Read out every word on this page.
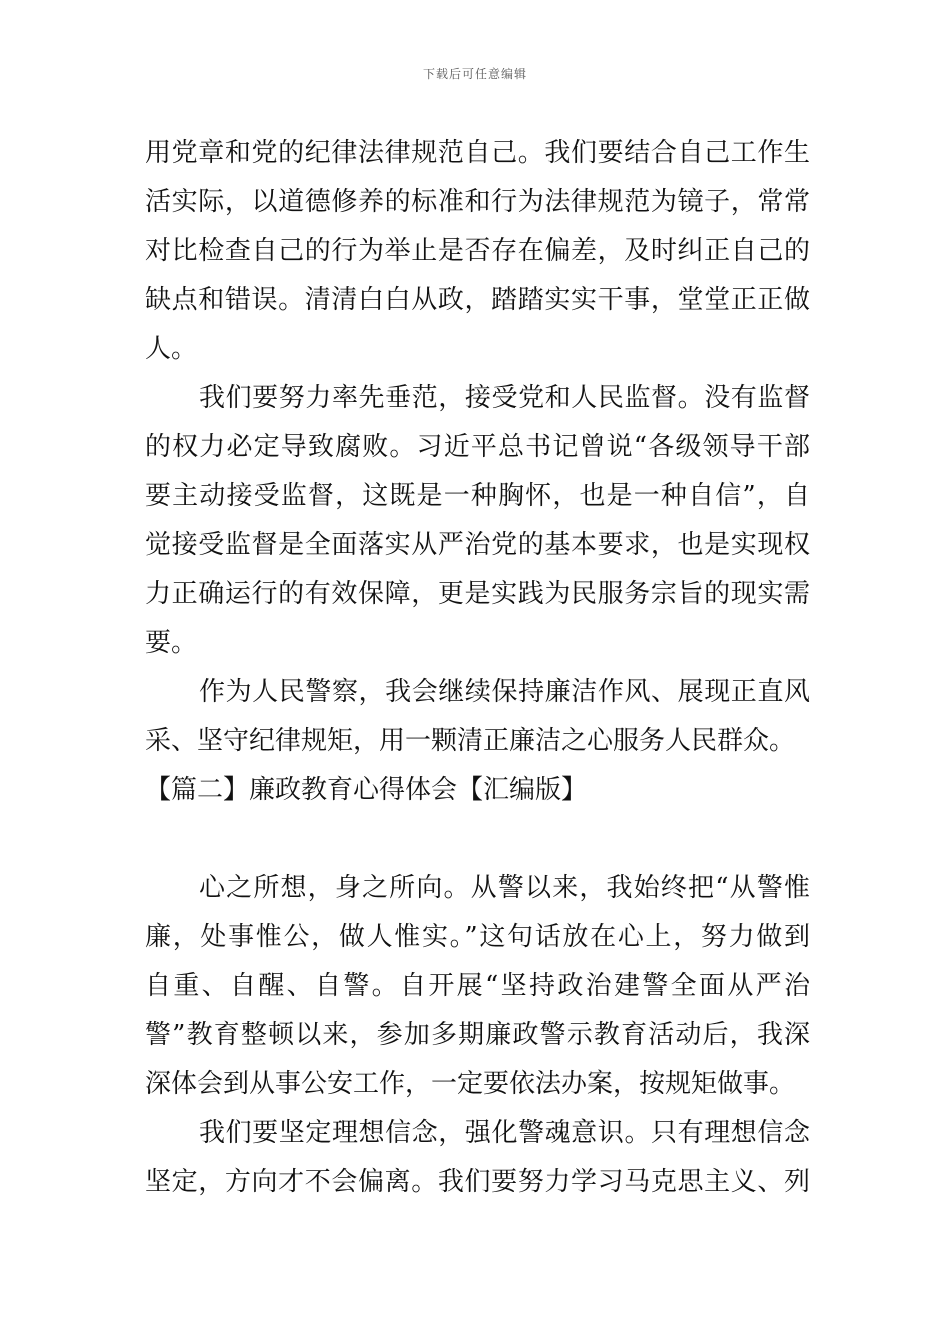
下载后可任意编辑
用党章和党的纪律法律规范自己。我们要结合自己工作生
活实际，以道德修养的标准和行为法律规范为镜子，常常
对比检查自己的行为举止是否存在偏差，及时纠正自己的
缺点和错误。清清白白从政，踏踏实实干事，堂堂正正做
人。
我们要努力率先垂范，接受党和人民监督。没有监督
的权力必定导致腐败。习近平总书记曾说“各级领导干部
要主动接受监督，这既是一种胸怀，也是一种自信”，自
觉接受监督是全面落实从严治党的基本要求，也是实现权
力正确运行的有效保障，更是实践为民服务宗旨的现实需
要。
作为人民警察，我会继续保持廉洁作风、展现正直风
采、坚守纪律规矩，用一颗清正廉洁之心服务人民群众。
【篇二】廉政教育心得体会【汇编版】
心之所想，身之所向。从警以来，我始终把“从警惟
廉，处事惟公，做人惟实。”这句话放在心上，努力做到
自重、自醒、自警。自开展“坚持政治建警全面从严治
警”教育整顿以来，参加多期廉政警示教育活动后，我深
深体会到从事公安工作，一定要依法办案，按规矩做事。
我们要坚定理想信念，强化警魂意识。只有理想信念
坚定，方向才不会偏离。我们要努力学习马克思主义、列
